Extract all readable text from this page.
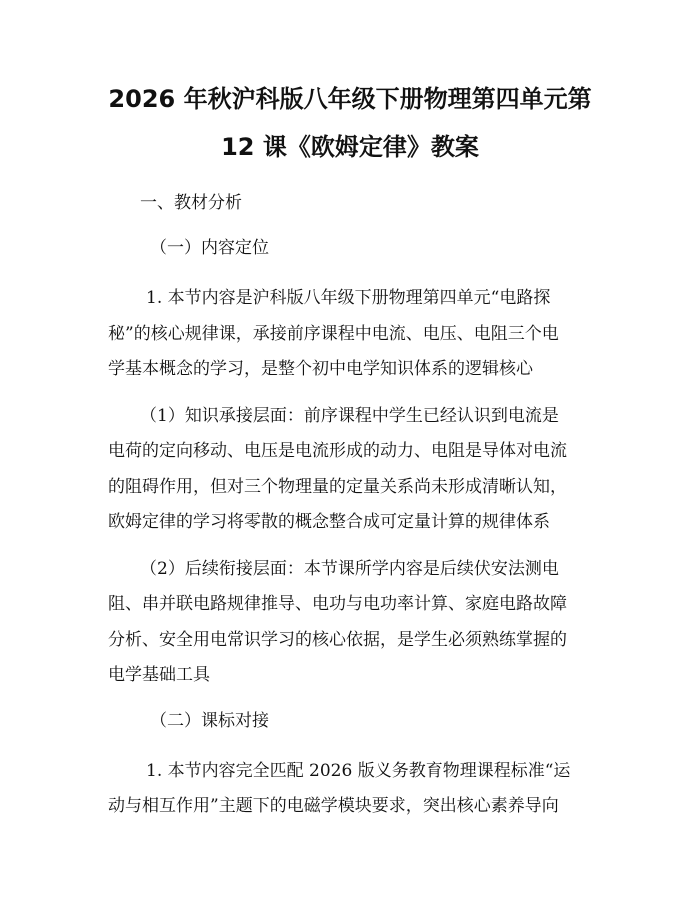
2026 年秋沪科版八年级下册物理第四单元第
12 课《欧姆定律》教案
一、教材分析
（一）内容定位
1. 本节内容是沪科版八年级下册物理第四单元“电路探
秘”的核心规律课，承接前序课程中电流、电压、电阻三个电
学基本概念的学习，是整个初中电学知识体系的逻辑核心
（1）知识承接层面：前序课程中学生已经认识到电流是
电荷的定向移动、电压是电流形成的动力、电阻是导体对电流
的阻碍作用，但对三个物理量的定量关系尚未形成清晰认知，
欧姆定律的学习将零散的概念整合成可定量计算的规律体系
（2）后续衔接层面：本节课所学内容是后续伏安法测电
阻、串并联电路规律推导、电功与电功率计算、家庭电路故障
分析、安全用电常识学习的核心依据，是学生必须熟练掌握的
电学基础工具
（二）课标对接
1. 本节内容完全匹配 2026 版义务教育物理课程标准“运
动与相互作用”主题下的电磁学模块要求，突出核心素养导向
